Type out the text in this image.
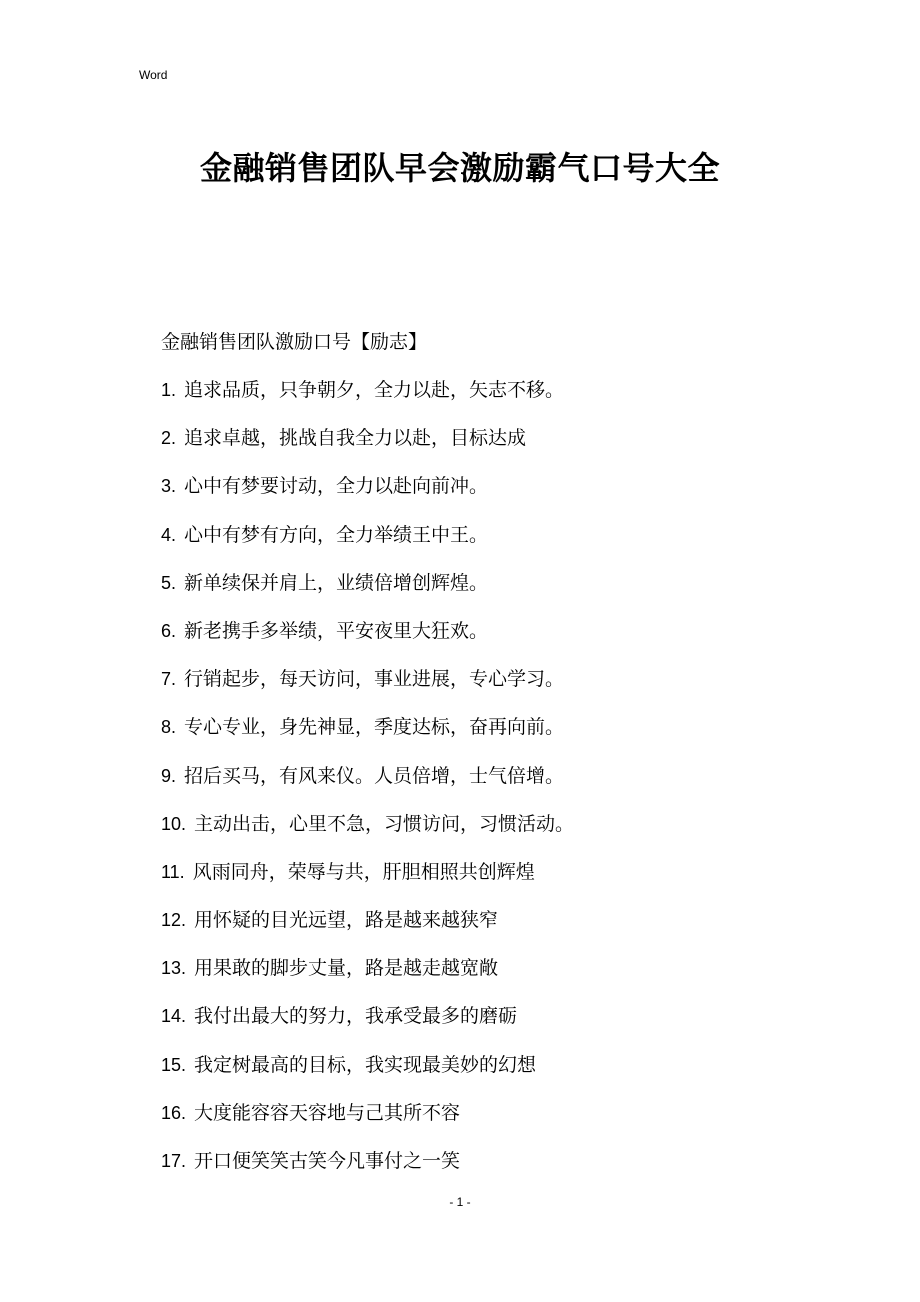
Word
金融销售团队早会激励霸气口号大全
金融销售团队激励口号【励志】
1. 追求品质，只争朝夕，全力以赴，矢志不移。
2. 追求卓越，挑战自我全力以赴，目标达成
3. 心中有梦要讨动，全力以赴向前冲。
4. 心中有梦有方向，全力举绩王中王。
5. 新单续保并肩上，业绩倍增创辉煌。
6. 新老携手多举绩，平安夜里大狂欢。
7. 行销起步，每天访问，事业进展，专心学习。
8. 专心专业，身先神显，季度达标，奋再向前。
9. 招后买马，有风来仪。人员倍增，士气倍增。
10. 主动出击，心里不急，习惯访问，习惯活动。
11. 风雨同舟，荣辱与共，肝胆相照共创辉煌
12. 用怀疑的目光远望，路是越来越狭窄
13. 用果敢的脚步丈量，路是越走越宽敞
14. 我付出最大的努力，我承受最多的磨砺
15. 我定树最高的目标，我实现最美妙的幻想
16. 大度能容容天容地与己其所不容
17. 开口便笑笑古笑今凡事付之一笑
- 1 -
